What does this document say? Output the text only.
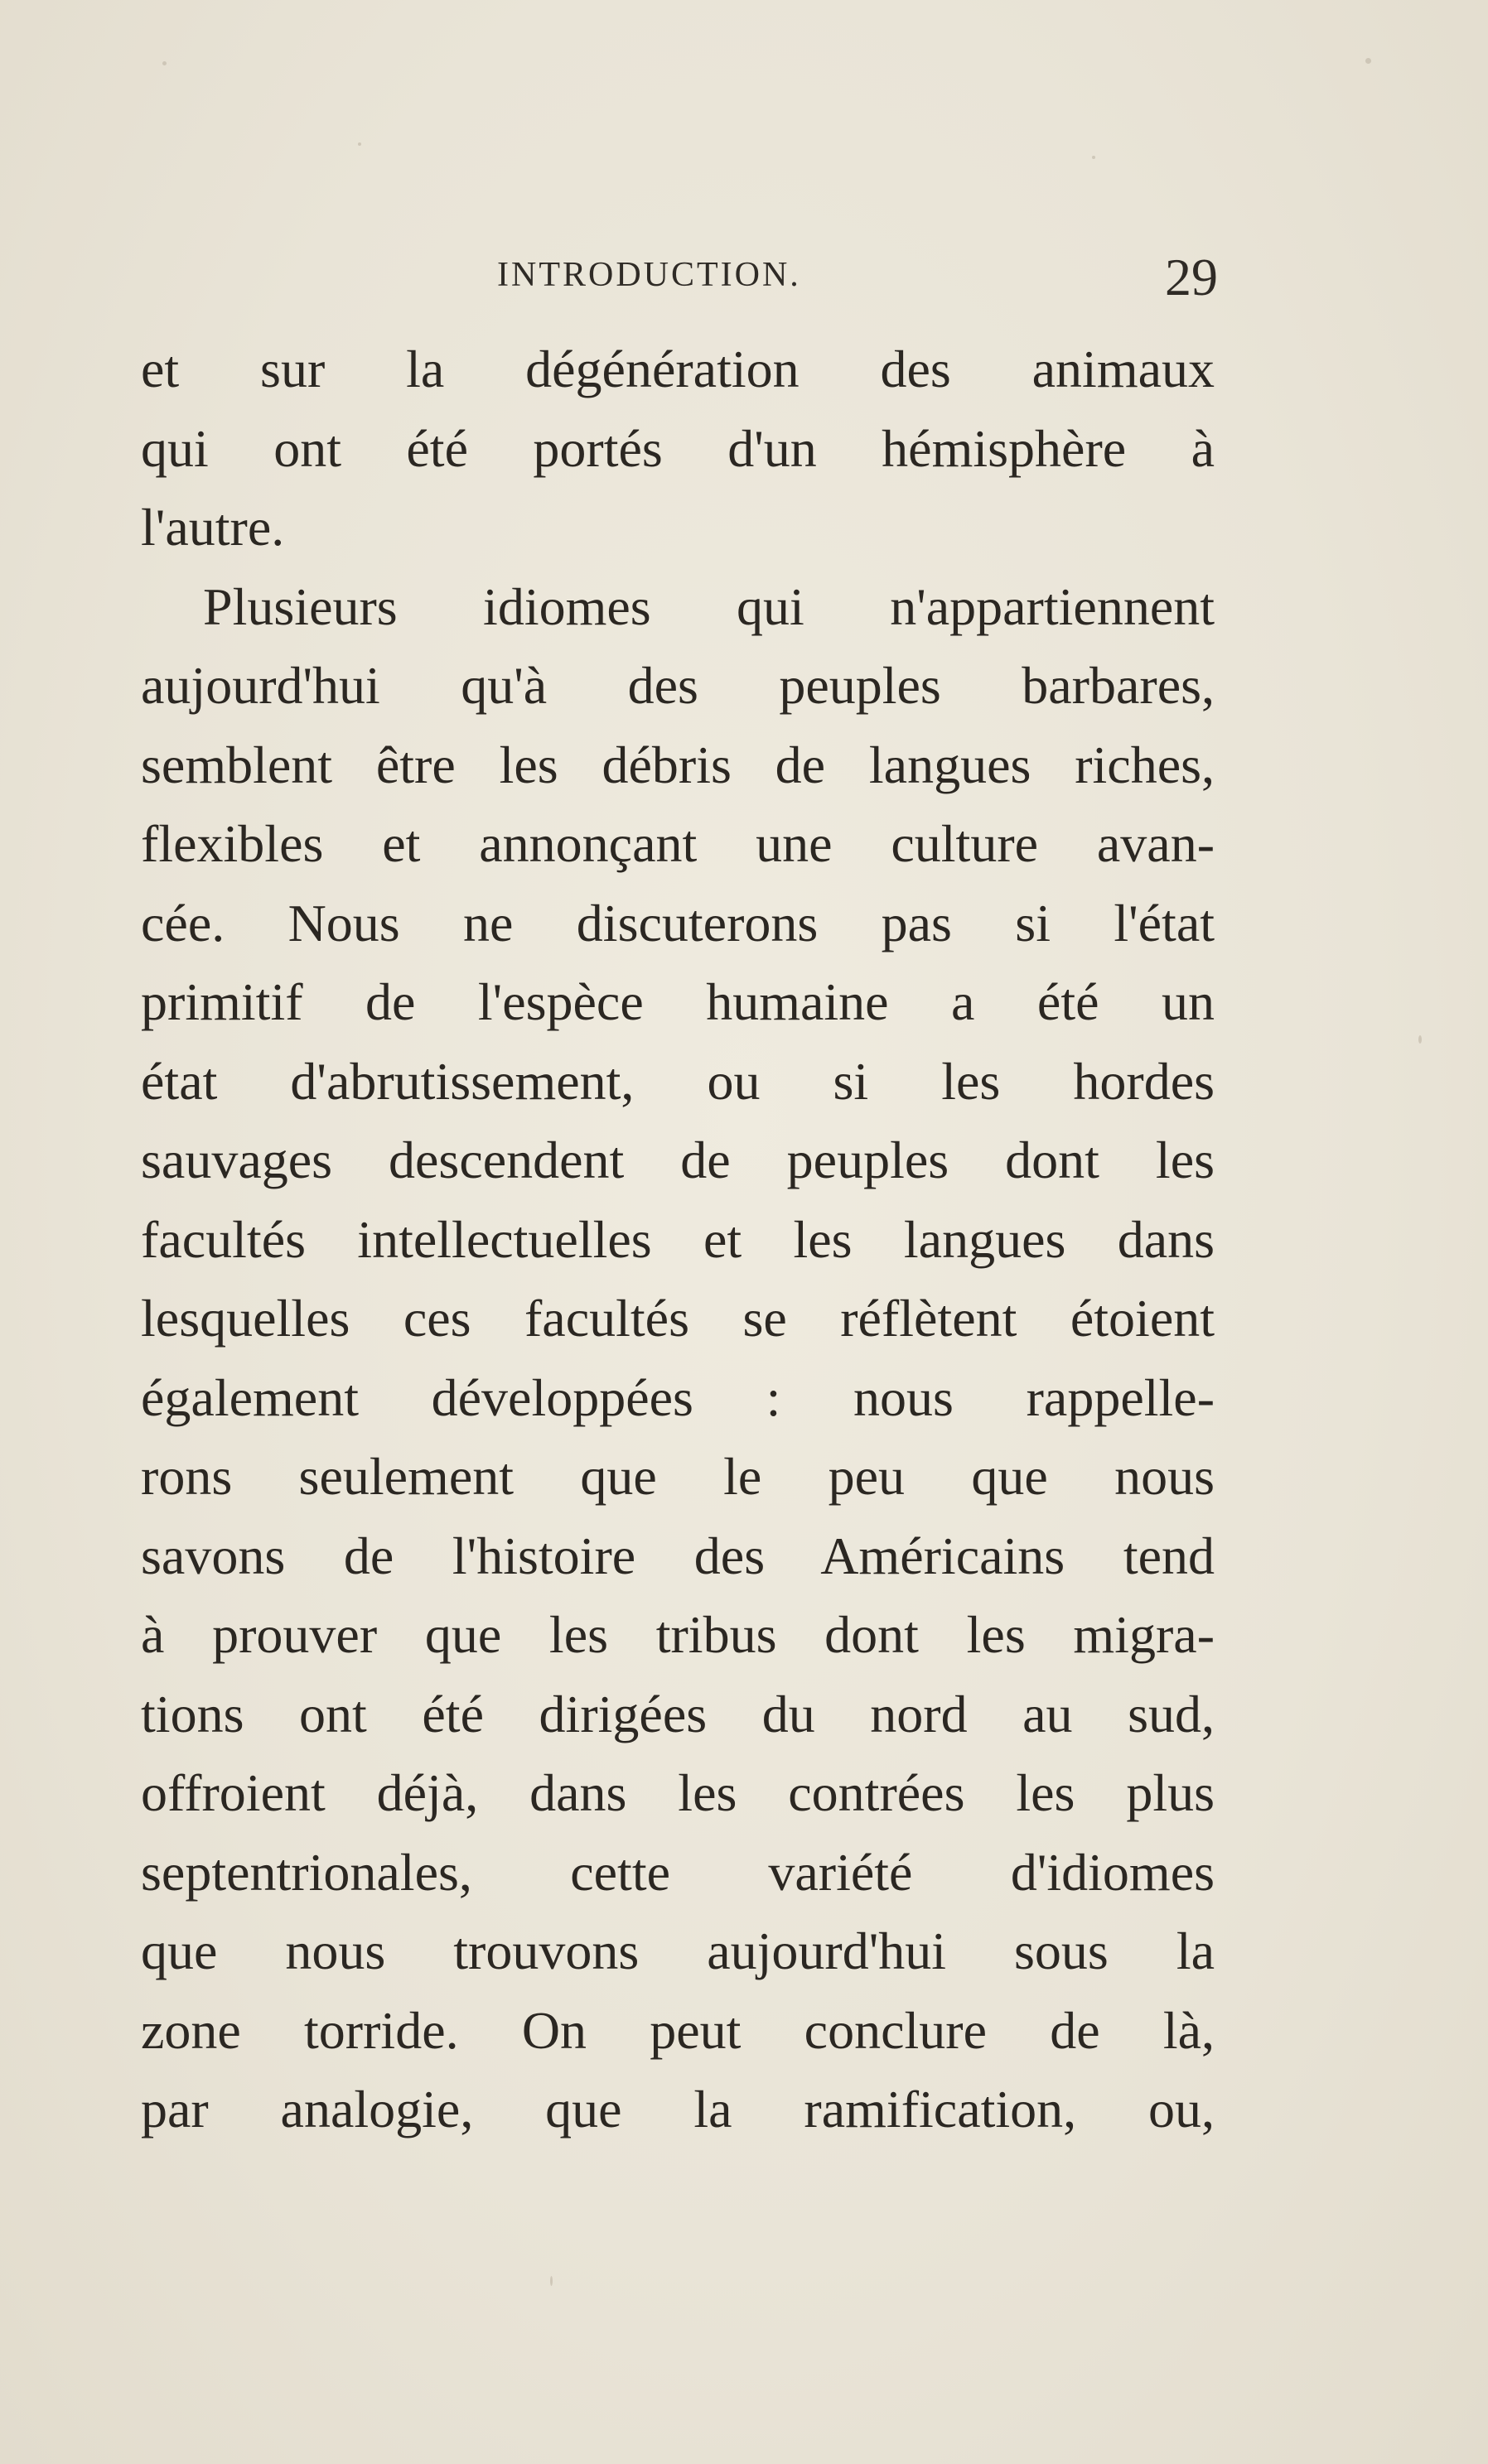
INTRODUCTION.	29
et sur la dégénération des animaux
qui ont été portés d'un hémisphère à
l'autre.
Plusieurs idiomes qui n'appartiennent
aujourd'hui qu'à des peuples barbares,
semblent être les débris de langues riches,
flexibles et annonçant une culture avan-
cée. Nous ne discuterons pas si l'état
primitif de l'espèce humaine a été un
état d'abrutissement, ou si les hordes
sauvages descendent de peuples dont les
facultés intellectuelles et les langues dans
lesquelles ces facultés se réflètent étoient
également développées : nous rappelle-
rons seulement que le peu que nous
savons de l'histoire des Américains tend
à prouver que les tribus dont les migra-
tions ont été dirigées du nord au sud,
offroient déjà, dans les contrées les plus
septentrionales, cette variété d'idiomes
que nous trouvons aujourd'hui sous la
zone torride. On peut conclure de là,
par analogie, que la ramification, ou,
